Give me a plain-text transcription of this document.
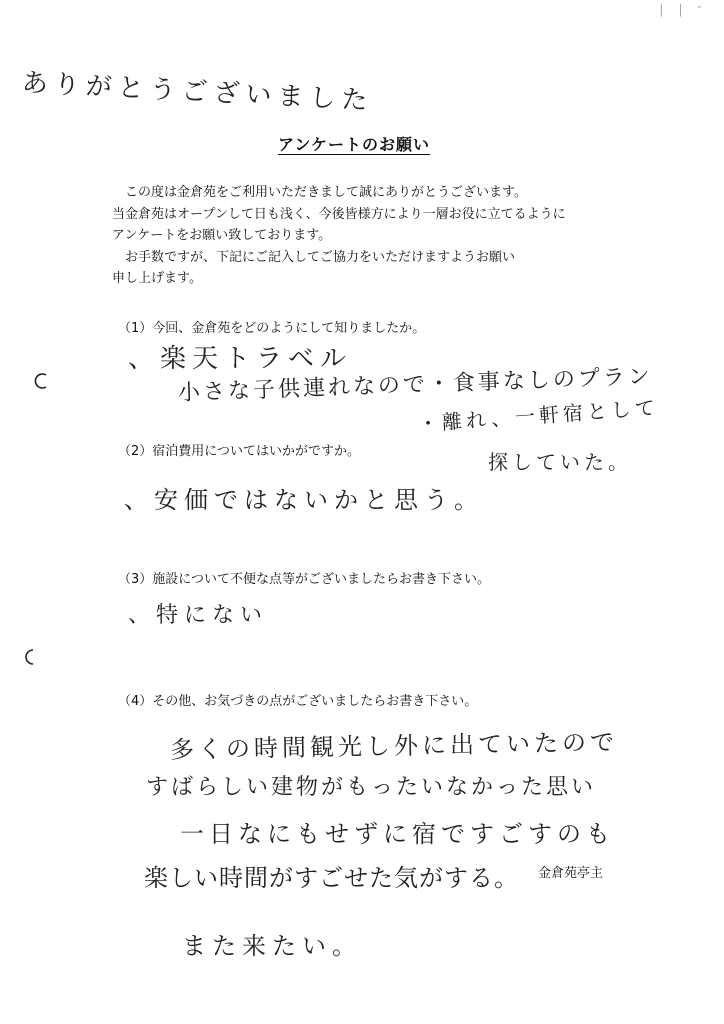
│ │ ″
ありがとうございました
アンケートのお願い

この度は金倉苑をご利用いただきまして誠にありがとうございます。

当金倉苑はオープンして日も浅く、今後皆様方により一層お役に立てるように

アンケートをお願い致しております。

お手数ですが、下記にご記入してご協力をいただけますようお願い

申し上げます。

（1）今回、金倉苑をどのようにして知りましたか。
、楽天トラベル
小さな子供連れなので・食事なしのプラン
・離れ、一軒宿として
探していた。
（2）宿泊費用についてはいかがですか。
、安価ではないかと思う。
（3）施設について不便な点等がございましたらお書き下さい。
、特にない
（4）その他、お気づきの点がございましたらお書き下さい。
多くの時間観光し外に出ていたので
すばらしい建物がもったいなかった思い
一日なにもせずに宿ですごすのも
楽しい時間がすごせた気がする。
また来たい。
金倉苑亭主
